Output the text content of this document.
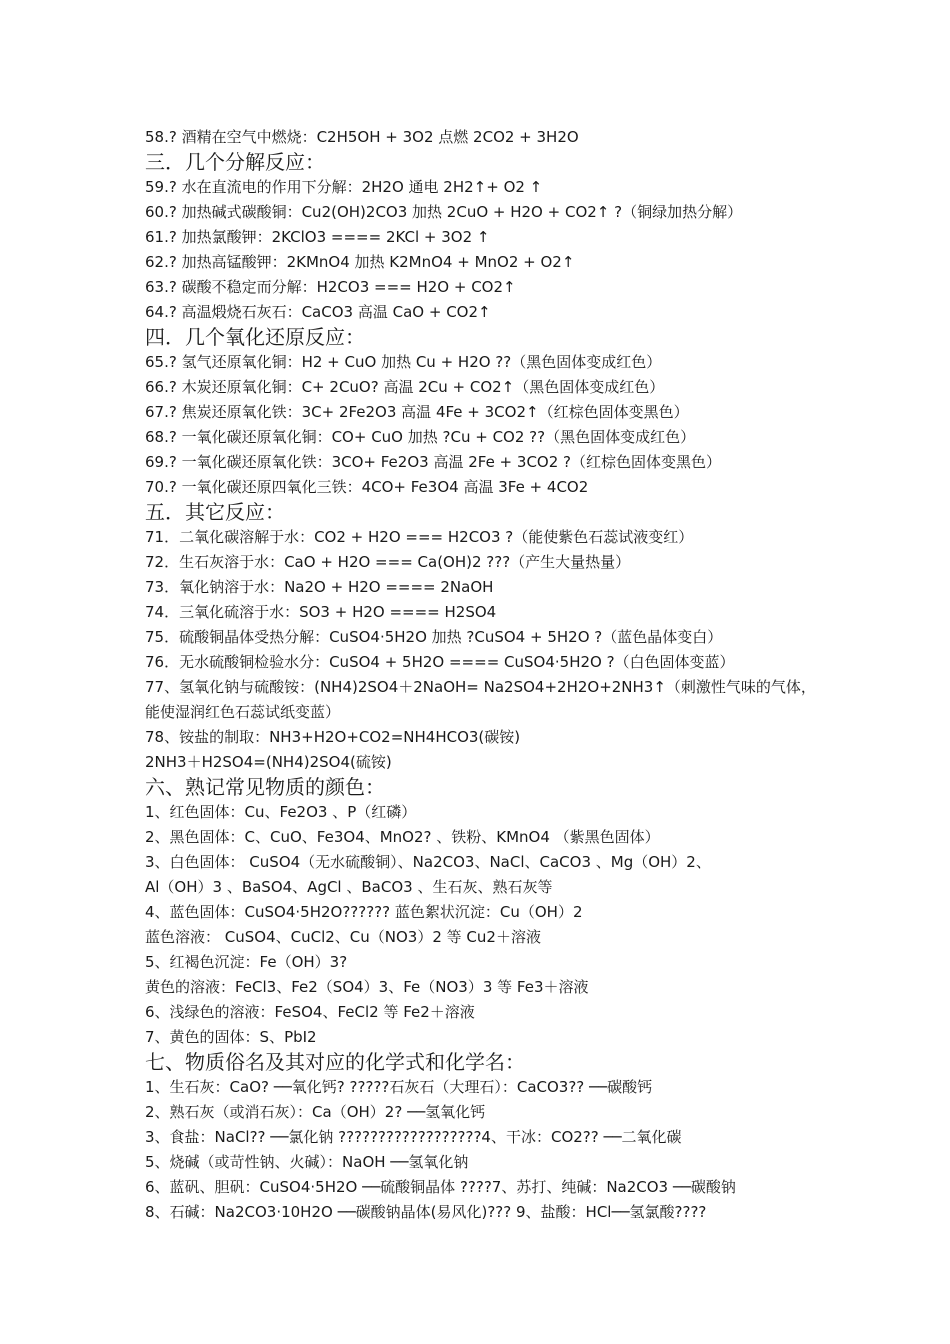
58.? 酒精在空气中燃烧：C2H5OH + 3O2 点燃 2CO2 + 3H2O
三．几个分解反应：
59.? 水在直流电的作用下分解：2H2O 通电 2H2↑+ O2 ↑
60.? 加热碱式碳酸铜：Cu2(OH)2CO3 加热 2CuO + H2O + CO2↑ ?（铜绿加热分解）
61.? 加热氯酸钾：2KClO3 ==== 2KCl + 3O2 ↑
62.? 加热高锰酸钾：2KMnO4 加热 K2MnO4 + MnO2 + O2↑
63.? 碳酸不稳定而分解：H2CO3 === H2O + CO2↑
64.? 高温煅烧石灰石：CaCO3 高温 CaO + CO2↑
四．几个氧化还原反应：
65.? 氢气还原氧化铜：H2 + CuO 加热 Cu + H2O ??（黑色固体变成红色）
66.? 木炭还原氧化铜：C+ 2CuO? 高温 2Cu + CO2↑（黑色固体变成红色）
67.? 焦炭还原氧化铁：3C+ 2Fe2O3 高温 4Fe + 3CO2↑（红棕色固体变黑色）
68.? 一氧化碳还原氧化铜：CO+ CuO 加热 ?Cu + CO2 ??（黑色固体变成红色）
69.? 一氧化碳还原氧化铁：3CO+ Fe2O3 高温 2Fe + 3CO2 ?（红棕色固体变黑色）
70.? 一氧化碳还原四氧化三铁：4CO+ Fe3O4 高温 3Fe + 4CO2
五．其它反应：
71．二氧化碳溶解于水：CO2 + H2O === H2CO3 ?（能使紫色石蕊试液变红）
72．生石灰溶于水：CaO + H2O === Ca(OH)2 ???（产生大量热量）
73．氧化钠溶于水：Na2O + H2O ==== 2NaOH
74．三氧化硫溶于水：SO3 + H2O ==== H2SO4
75．硫酸铜晶体受热分解：CuSO4·5H2O 加热 ?CuSO4 + 5H2O ?（蓝色晶体变白）
76．无水硫酸铜检验水分：CuSO4 + 5H2O ==== CuSO4·5H2O ?（白色固体变蓝）
77、氢氧化钠与硫酸铵：(NH4)2SO4＋2NaOH= Na2SO4+2H2O+2NH3↑（刺激性气味的气体，能使湿润红色石蕊试纸变蓝）
78、铵盐的制取：NH3+H2O+CO2=NH4HCO3(碳铵)
2NH3＋H2SO4=(NH4)2SO4(硫铵)
六、熟记常见物质的颜色：
1、红色固体：Cu、Fe2O3 、P（红磷）
2、黑色固体：C、CuO、Fe3O4、MnO2? 、铁粉、KMnO4 （紫黑色固体）
3、白色固体： CuSO4（无水硫酸铜）、Na2CO3、NaCl、CaCO3 、Mg（OH）2、
Al（OH）3 、BaSO4、AgCl 、BaCO3 、生石灰、熟石灰等
4、蓝色固体：CuSO4·5H2O?????? 蓝色絮状沉淀：Cu（OH）2
蓝色溶液： CuSO4、CuCl2、Cu（NO3）2 等 Cu2＋溶液
5、红褐色沉淀：Fe（OH）3?
黄色的溶液：FeCl3、Fe2（SO4）3、Fe（NO3）3 等 Fe3＋溶液
6、浅绿色的溶液：FeSO4、FeCl2 等 Fe2＋溶液
7、黄色的固体：S、PbI2
七、物质俗名及其对应的化学式和化学名：
1、生石灰：CaO? ──氧化钙? ?????石灰石（大理石）：CaCO3?? ──碳酸钙
2、熟石灰（或消石灰）：Ca（OH）2? ──氢氧化钙
3、食盐：NaCl?? ──氯化钠 ??????????????????4、干冰：CO2?? ──二氧化碳
5、烧碱（或苛性钠、火碱）：NaOH ──氢氧化钠
6、蓝矾、胆矾：CuSO4·5H2O ──硫酸铜晶体 ????7、苏打、纯碱：Na2CO3 ──碳酸钠
8、石碱：Na2CO3·10H2O ──碳酸钠晶体(易风化)??? 9、盐酸：HCl──氢氯酸????
